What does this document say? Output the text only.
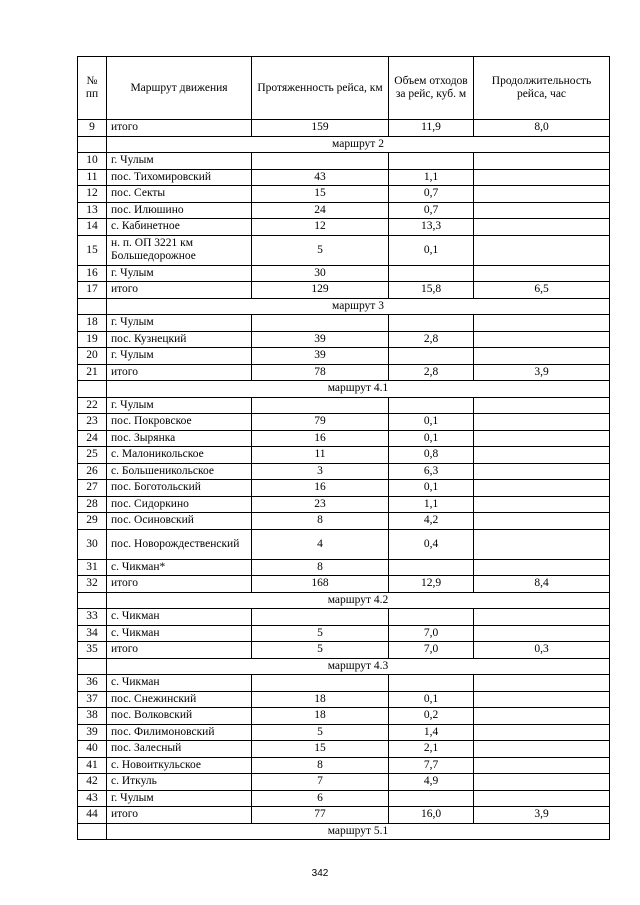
№ пп	Маршрут движения	Протяженность рейса, км	Объем отходов за рейс, куб. м	Продолжительность рейса, час
9	итого	159	11,9	8,0
	маршрут 2			
10	г. Чулым			
11	пос. Тихомировский	43	1,1	
12	пос. Секты	15	0,7	
13	пос. Илюшино	24	0,7	
14	с. Кабинетное	12	13,3	
15	н. п. ОП 3221 км Большедорожное	5	0,1	
16	г. Чулым	30		
17	итого	129	15,8	6,5
	маршрут 3			
18	г. Чулым			
19	пос. Кузнецкий	39	2,8	
20	г. Чулым	39		
21	итого	78	2,8	3,9
	маршрут 4.1			
22	г. Чулым			
23	пос. Покровское	79	0,1	
24	пос. Зырянка	16	0,1	
25	с. Малоникольское	11	0,8	
26	с. Большеникольское	3	6,3	
27	пос. Боготольский	16	0,1	
28	пос. Сидоркино	23	1,1	
29	пос. Осиновский	8	4,2	
30	пос. Новорождественский	4	0,4	
31	с. Чикман*	8		
32	итого	168	12,9	8,4
	маршрут 4.2			
33	с. Чикман			
34	с. Чикман	5	7,0	
35	итого	5	7,0	0,3
	маршрут 4.3			
36	с. Чикман			
37	пос. Снежинский	18	0,1	
38	пос. Волковский	18	0,2	
39	пос. Филимоновский	5	1,4	
40	пос. Залесный	15	2,1	
41	с. Новоиткульское	8	7,7	
42	с. Иткуль	7	4,9	
43	г. Чулым	6		
44	итого	77	16,0	3,9
	маршрут 5.1			
342
